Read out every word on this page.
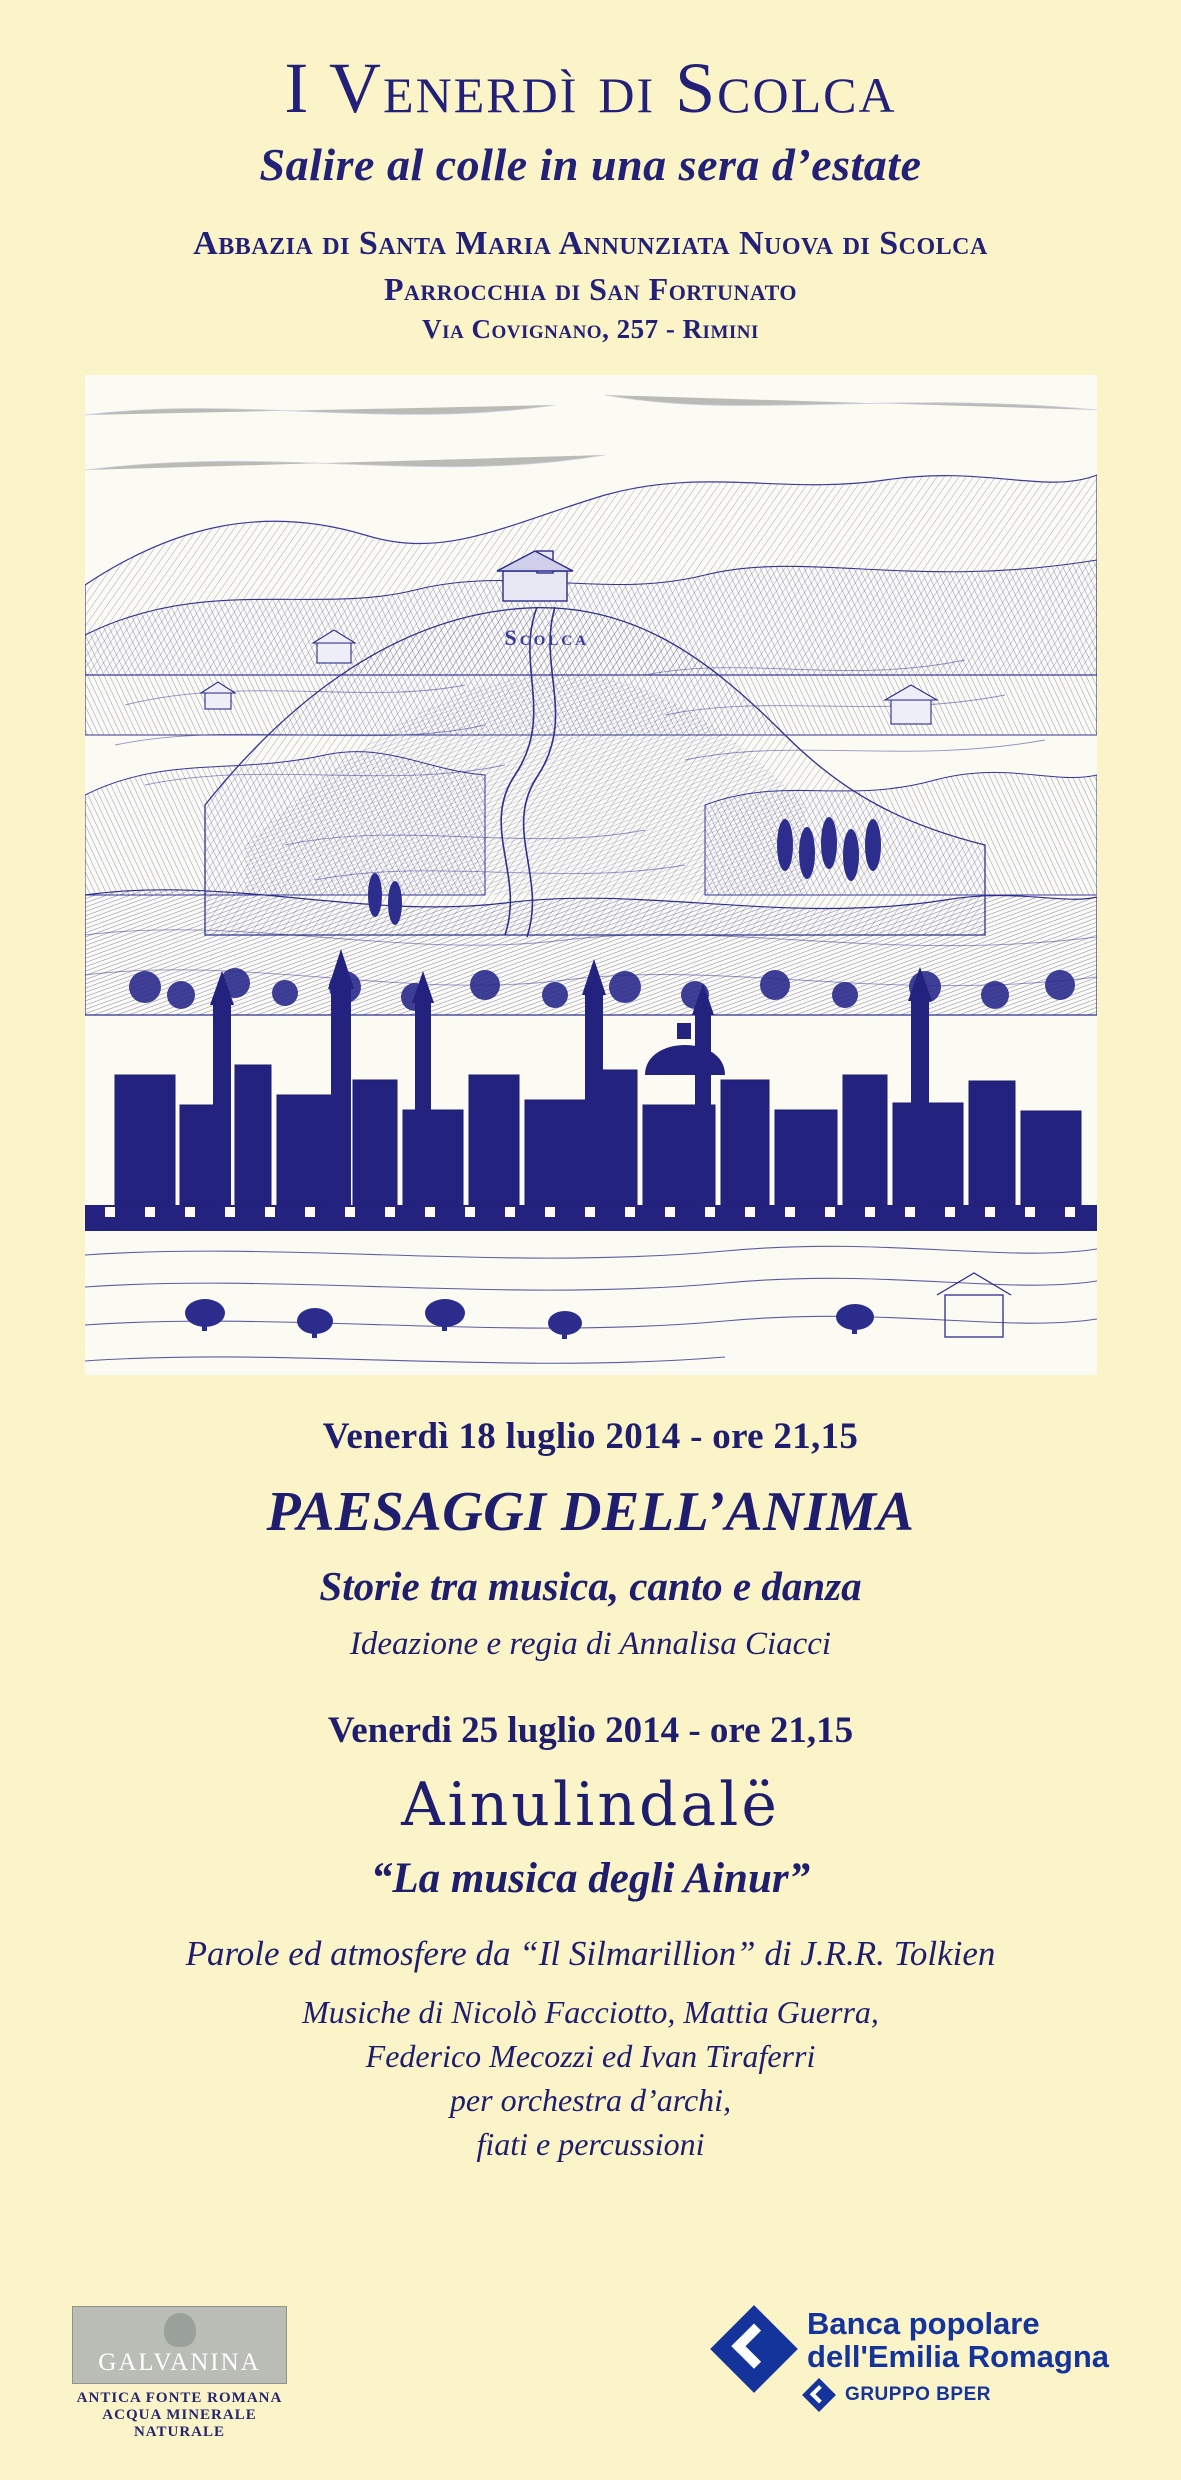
I Venerdì di Scolca
Salire al colle in una sera d’estate
Abbazia di Santa Maria Annunziata Nuova di Scolca
Parrocchia di San Fortunato
Via Covignano, 257 - Rimini
Scolca
Venerdì 18 luglio 2014 - ore 21,15
PAESAGGI DELL’ANIMA
Storie tra musica, canto e danza
Ideazione e regia di Annalisa Ciacci
Venerdi 25 luglio 2014 - ore 21,15
Ainulindalë
“La musica degli Ainur”
Parole ed atmosfere da “Il Silmarillion” di J.R.R. Tolkien
Musiche di Nicolò Facciotto, Mattia Guerra,
Federico Mecozzi ed Ivan Tiraferri
per orchestra d’archi,
fiati e percussioni
GALVANINA
ANTICA FONTE ROMANA
ACQUA MINERALE NATURALE
Banca popolare
dell'Emilia Romagna
GRUPPO BPER
